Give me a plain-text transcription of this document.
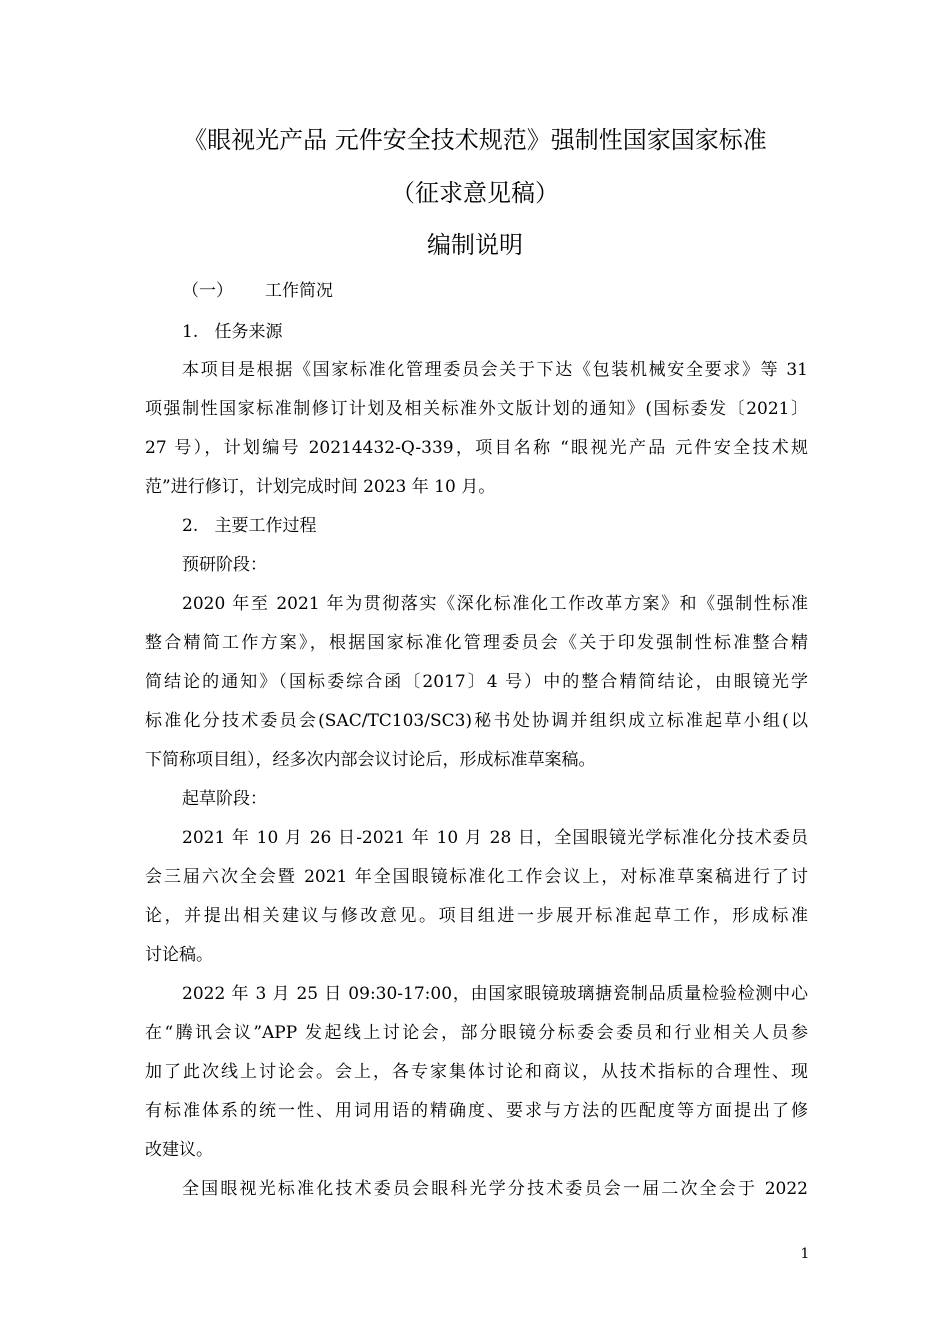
《眼视光产品 元件安全技术规范》强制性国家国家标准
（征求意见稿）
编制说明
（一） 工作简况
1. 任务来源
本项目是根据《国家标准化管理委员会关于下达《包装机械安全要求》等 31
项强制性国家标准制修订计划及相关标准外文版计划的通知》(国标委发〔2021〕
27 号），计划编号 20214432-Q-339，项目名称 “眼视光产品 元件安全技术规
范”进行修订，计划完成时间 2023 年 10 月。
2. 主要工作过程
预研阶段：
2020 年至 2021 年为贯彻落实《深化标准化工作改革方案》和《强制性标准
整合精简工作方案》，根据国家标准化管理委员会《关于印发强制性标准整合精
简结论的通知》（国标委综合函〔2017〕4 号）中的整合精简结论，由眼镜光学
标准化分技术委员会(SAC/TC103/SC3)秘书处协调并组织成立标准起草小组(以
下简称项目组），经多次内部会议讨论后，形成标准草案稿。
起草阶段：
2021 年 10 月 26 日-2021 年 10 月 28 日，全国眼镜光学标准化分技术委员
会三届六次全会暨 2021 年全国眼镜标准化工作会议上，对标准草案稿进行了讨
论，并提出相关建议与修改意见。项目组进一步展开标准起草工作，形成标准
讨论稿。
2022 年 3 月 25 日 09:30-17:00，由国家眼镜玻璃搪瓷制品质量检验检测中心
在“腾讯会议”APP 发起线上讨论会，部分眼镜分标委会委员和行业相关人员参
加了此次线上讨论会。会上，各专家集体讨论和商议，从技术指标的合理性、现
有标准体系的统一性、用词用语的精确度、要求与方法的匹配度等方面提出了修
改建议。
全国眼视光标准化技术委员会眼科光学分技术委员会一届二次全会于 2022
1
